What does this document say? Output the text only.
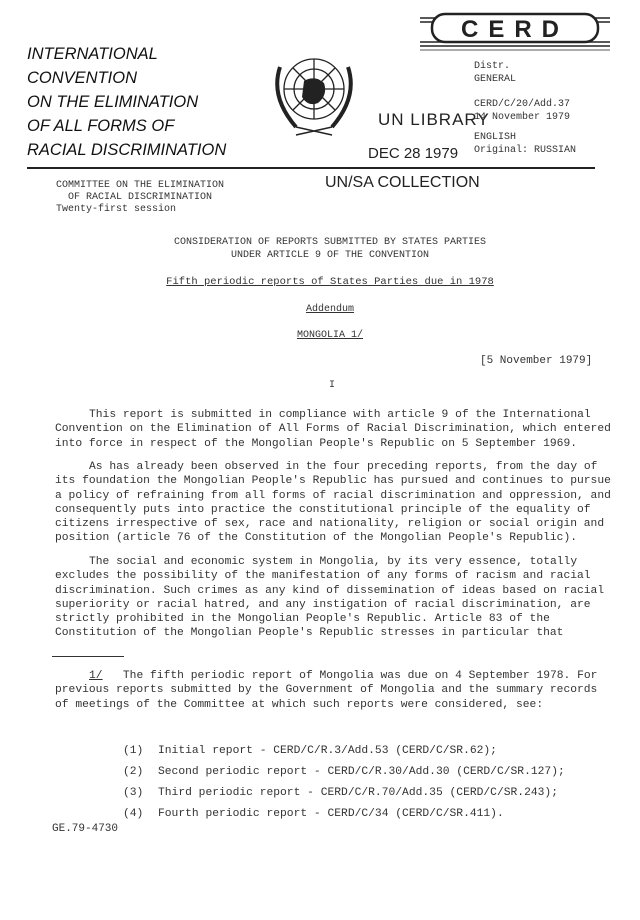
CERD
INTERNATIONAL
CONVENTION
ON THE ELIMINATION
OF ALL FORMS OF
RACIAL DISCRIMINATION
UN LIBRARY
DEC 28 1979
Distr.
GENERAL
CERD/C/20/Add.37
14 November 1979
ENGLISH
Original: RUSSIAN
UN/SA COLLECTION
COMMITTEE ON THE ELIMINATION
OF RACIAL DISCRIMINATION
Twenty-first session
CONSIDERATION OF REPORTS SUBMITTED BY STATES PARTIES
UNDER ARTICLE 9 OF THE CONVENTION
Fifth periodic reports of States Parties due in 1978
Addendum
MONGOLIA 1/
[5 November 1979]
I
This report is submitted in compliance with article 9 of the International
Convention on the Elimination of All Forms of Racial Discrimination, which entered
into force in respect of the Mongolian People's Republic on 5 September 1969.
As has already been observed in the four preceding reports, from the day of
its foundation the Mongolian People's Republic has pursued and continues to pursue
a policy of refraining from all forms of racial discrimination and oppression, and
consequently puts into practice the constitutional principle of the equality of
citizens irrespective of sex, race and nationality, religion or social origin and
position (article 76 of the Constitution of the Mongolian People's Republic).
The social and economic system in Mongolia, by its very essence, totally
excludes the possibility of the manifestation of any forms of racism and racial
discrimination. Such crimes as any kind of dissemination of ideas based on racial
superiority or racial hatred, and any instigation of racial discrimination, are
strictly prohibited in the Mongolian People's Republic. Article 83 of the
Constitution of the Mongolian People's Republic stresses in particular that
1/ The fifth periodic report of Mongolia was due on 4 September 1978. For
previous reports submitted by the Government of Mongolia and the summary records
of meetings of the Committee at which such reports were considered, see:
(1) Initial report - CERD/C/R.3/Add.53 (CERD/C/SR.62);
(2) Second periodic report - CERD/C/R.30/Add.30 (CERD/C/SR.127);
(3) Third periodic report - CERD/C/R.70/Add.35 (CERD/C/SR.243);
(4) Fourth periodic report - CERD/C/34 (CERD/C/SR.411).
GE.79-4730
